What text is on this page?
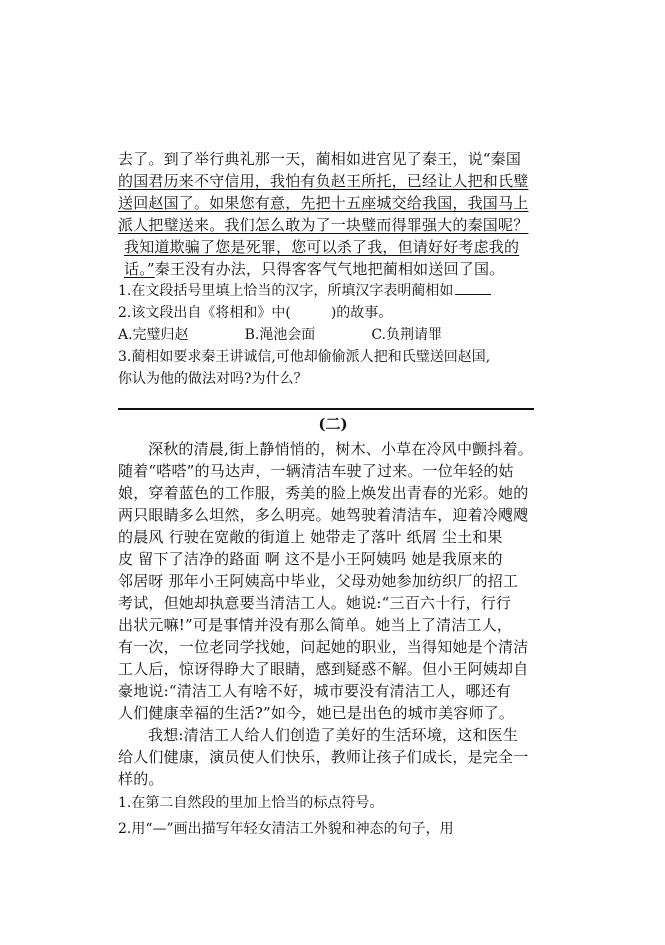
去了。到了举行典礼那一天，蔺相如进宫见了秦王，说“秦国

的国君历来不守信用，我怕有负赵王所托，已经让人把和氏璧

送回赵国了。如果您有意，先把十五座城交给我国，我国马上

派人把璧送来。我们怎么敢为了一块璧而得罪强大的秦国呢？

我知道欺骗了您是死罪，您可以杀了我，但请好好考虑我的

话。”秦王没有办法，只得客客气气地把蔺相如送回了国。

1.在文段括号里填上恰当的汉字，所填汉字表明蔺相如

2.该文段出自《将相和》中(	)的故事。

A.完璧归赵	B.渑池会面	C.负荆请罪

3.蔺相如要求秦王讲诚信,可他却偷偷派人把和氏璧送回赵国,

你认为他的做法对吗?为什么？

(二)

深秋的清晨,街上静悄悄的，树木、小草在冷风中颤抖着。

随着“嗒嗒”的马达声，一辆清洁车驶了过来。一位年轻的姑

娘，穿着蓝色的工作服，秀美的脸上焕发出青春的光彩。她的

两只眼睛多么坦然，多么明亮。她驾驶着清洁车，迎着冷飕飕

的晨风 行驶在宽敞的街道上 她带走了落叶 纸屑 尘土和果

皮 留下了洁净的路面 啊 这不是小王阿姨吗 她是我原来的

邻居呀 那年小王阿姨高中毕业，父母劝她参加纺织厂的招工

考试，但她却执意要当清洁工人。她说:“三百六十行，行行

出状元嘛!”可是事情并没有那么简单。她当上了清洁工人，

有一次，一位老同学找她，问起她的职业，当得知她是个清洁

工人后，惊讶得睁大了眼睛，感到疑惑不解。但小王阿姨却自

豪地说:“清洁工人有啥不好，城市要没有清洁工人，哪还有

人们健康幸福的生活?”如今，她已是出色的城市美容师了。

我想:清洁工人给人们创造了美好的生活环境，这和医生

给人们健康，演员使人们快乐，教师让孩子们成长，是完全一

样的。

1.在第二自然段的里加上恰当的标点符号。

2.用“—”画出描写年轻女清洁工外貌和神态的句子，用
